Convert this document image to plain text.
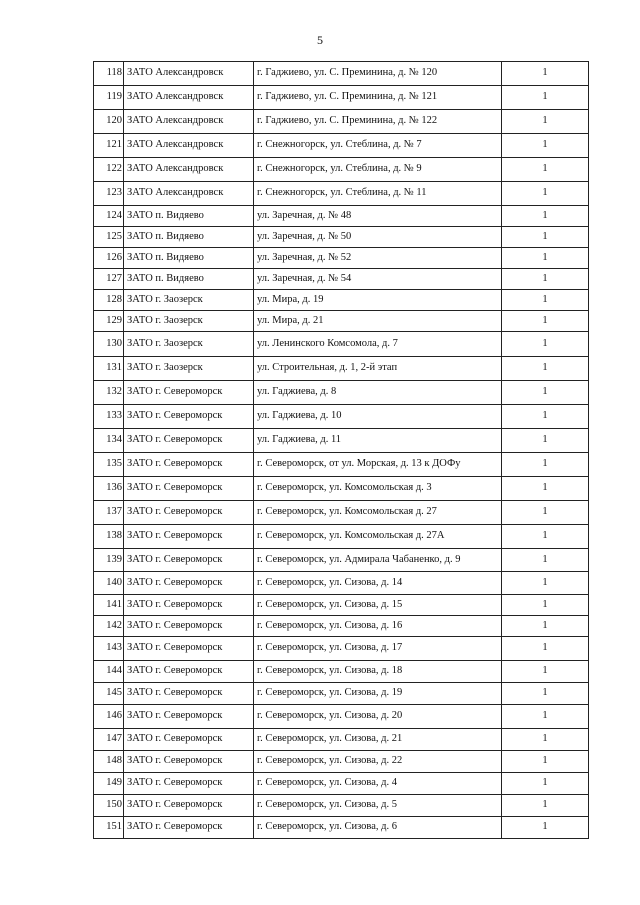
5
118	ЗАТО Александровск	г. Гаджиево, ул. С. Преминина, д. № 120	1
119	ЗАТО Александровск	г. Гаджиево, ул. С. Преминина, д. № 121	1
120	ЗАТО Александровск	г. Гаджиево, ул. С. Преминина, д. № 122	1
121	ЗАТО Александровск	г. Снежногорск, ул. Стеблина, д. № 7	1
122	ЗАТО Александровск	г. Снежногорск, ул. Стеблина, д. № 9	1
123	ЗАТО Александровск	г. Снежногорск, ул. Стеблина, д. № 11	1
124	ЗАТО п. Видяево	ул. Заречная, д. № 48	1
125	ЗАТО п. Видяево	ул. Заречная, д. № 50	1
126	ЗАТО п. Видяево	ул. Заречная, д. № 52	1
127	ЗАТО п. Видяево	ул. Заречная, д. № 54	1
128	ЗАТО г. Заозерск	ул. Мира, д. 19	1
129	ЗАТО г. Заозерск	ул. Мира, д. 21	1
130	ЗАТО г. Заозерск	ул. Ленинского Комсомола, д. 7	1
131	ЗАТО г. Заозерск	ул. Строительная, д. 1, 2-й этап	1
132	ЗАТО г. Североморск	ул. Гаджиева, д. 8	1
133	ЗАТО г. Североморск	ул. Гаджиева, д. 10	1
134	ЗАТО г. Североморск	ул. Гаджиева, д. 11	1
135	ЗАТО г. Североморск	г. Североморск, от ул. Морская, д. 13 к ДОФу	1
136	ЗАТО г. Североморск	г. Североморск, ул. Комсомольская д. 3	1
137	ЗАТО г. Североморск	г. Североморск, ул. Комсомольская д. 27	1
138	ЗАТО г. Североморск	г. Североморск, ул. Комсомольская д. 27А	1
139	ЗАТО г. Североморск	г. Североморск, ул. Адмирала Чабаненко, д. 9	1
140	ЗАТО г. Североморск	г. Североморск, ул. Сизова, д. 14	1
141	ЗАТО г. Североморск	г. Североморск, ул. Сизова, д. 15	1
142	ЗАТО г. Североморск	г. Североморск, ул. Сизова, д. 16	1
143	ЗАТО г. Североморск	г. Североморск, ул. Сизова, д. 17	1
144	ЗАТО г. Североморск	г. Североморск, ул. Сизова, д. 18	1
145	ЗАТО г. Североморск	г. Североморск, ул. Сизова, д. 19	1
146	ЗАТО г. Североморск	г. Североморск, ул. Сизова, д. 20	1
147	ЗАТО г. Североморск	г. Североморск, ул. Сизова, д. 21	1
148	ЗАТО г. Североморск	г. Североморск, ул. Сизова, д. 22	1
149	ЗАТО г. Североморск	г. Североморск, ул. Сизова, д. 4	1
150	ЗАТО г. Североморск	г. Североморск, ул. Сизова, д. 5	1
151	ЗАТО г. Североморск	г. Североморск, ул. Сизова, д. 6	1
